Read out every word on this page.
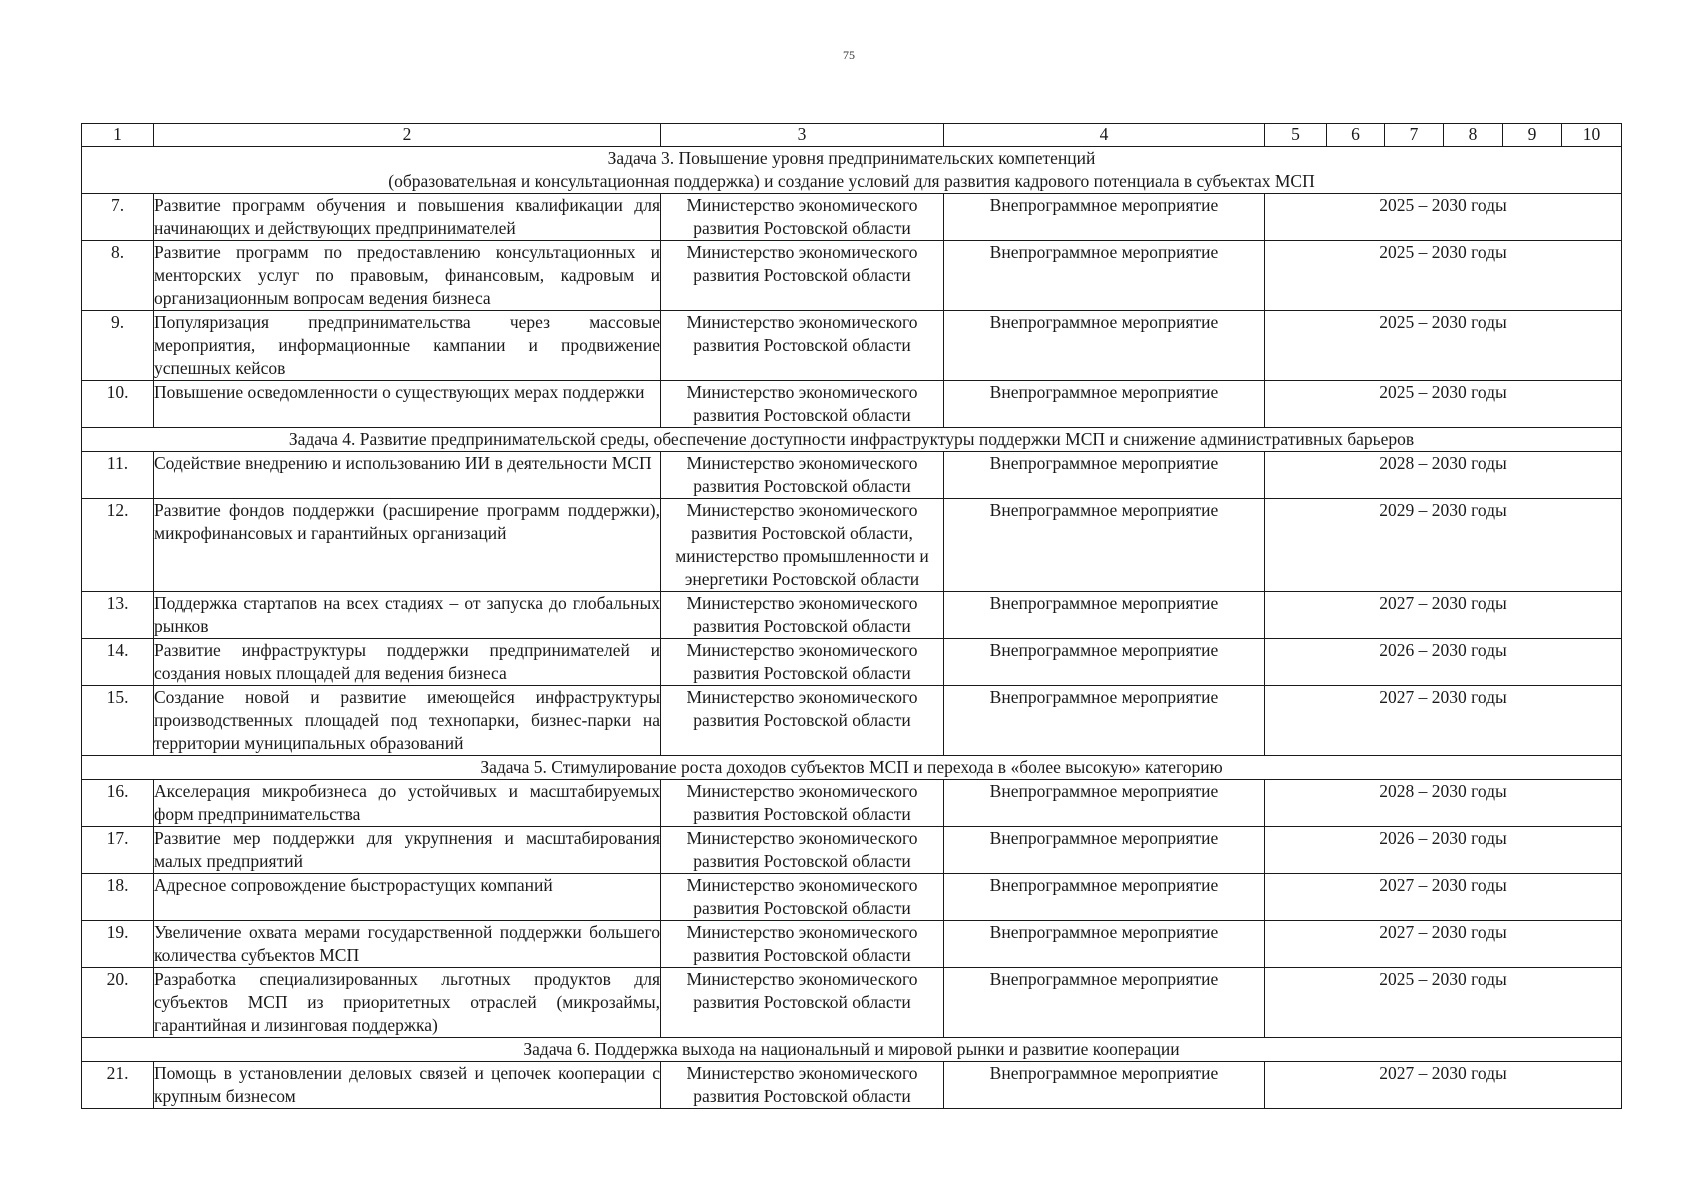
75
1	2	3	4	5	6	7	8	9	10

Задача 3. Повышение уровня предпринимательских компетенций
(образовательная и консультационная поддержка) и создание условий для развития кадрового потенциала в субъектах МСП									

7.	Развитие программ обучения и повышения квалификации для начинающих и действующих предпринимателей	Министерство экономического развития Ростовской области	Внепрограммное мероприятие	2025 – 2030 годы					
8.	Развитие программ по предоставлению консультационных и менторских услуг по правовым, финансовым, кадровым и организационным вопросам ведения бизнеса	Министерство экономического развития Ростовской области	Внепрограммное мероприятие	2025 – 2030 годы					
9.	Популяризация предпринимательства через массовые мероприятия, информационные кампании и продвижение успешных кейсов	Министерство экономического развития Ростовской области	Внепрограммное мероприятие	2025 – 2030 годы					
10.	Повышение осведомленности о существующих мерах поддержки	Министерство экономического развития Ростовской области	Внепрограммное мероприятие	2025 – 2030 годы					

Задача 4. Развитие предпринимательской среды, обеспечение доступности инфраструктуры поддержки МСП и снижение административных барьеров									

11.	Содействие внедрению и использованию ИИ в деятельности МСП	Министерство экономического развития Ростовской области	Внепрограммное мероприятие	2028 – 2030 годы					
12.	Развитие фондов поддержки (расширение программ поддержки), микрофинансовых и гарантийных организаций	Министерство экономического развития Ростовской области, министерство промышленности и энергетики Ростовской области	Внепрограммное мероприятие	2029 – 2030 годы					
13.	Поддержка стартапов на всех стадиях – от запуска до глобальных рынков	Министерство экономического развития Ростовской области	Внепрограммное мероприятие	2027 – 2030 годы					
14.	Развитие инфраструктуры поддержки предпринимателей и создания новых площадей для ведения бизнеса	Министерство экономического развития Ростовской области	Внепрограммное мероприятие	2026 – 2030 годы					
15.	Создание новой и развитие имеющейся инфраструктуры производственных площадей под технопарки, бизнес-парки на территории муниципальных образований	Министерство экономического развития Ростовской области	Внепрограммное мероприятие	2027 – 2030 годы					

Задача 5. Стимулирование роста доходов субъектов МСП и перехода в «более высокую» категорию									

16.	Акселерация микробизнеса до устойчивых и масштабируемых форм предпринимательства	Министерство экономического развития Ростовской области	Внепрограммное мероприятие	2028 – 2030 годы					
17.	Развитие мер поддержки для укрупнения и масштабирования малых предприятий	Министерство экономического развития Ростовской области	Внепрограммное мероприятие	2026 – 2030 годы					
18.	Адресное сопровождение быстрорастущих компаний	Министерство экономического развития Ростовской области	Внепрограммное мероприятие	2027 – 2030 годы					
19.	Увеличение охвата мерами государственной поддержки большего количества субъектов МСП	Министерство экономического развития Ростовской области	Внепрограммное мероприятие	2027 – 2030 годы					
20.	Разработка специализированных льготных продуктов для субъектов МСП из приоритетных отраслей (микрозаймы, гарантийная и лизинговая поддержка)	Министерство экономического развития Ростовской области	Внепрограммное мероприятие	2025 – 2030 годы					

Задача 6. Поддержка выхода на национальный и мировой рынки и развитие кооперации									

21.	Помощь в установлении деловых связей и цепочек кооперации с крупным бизнесом	Министерство экономического развития Ростовской области	Внепрограммное мероприятие	2027 – 2030 годы					
